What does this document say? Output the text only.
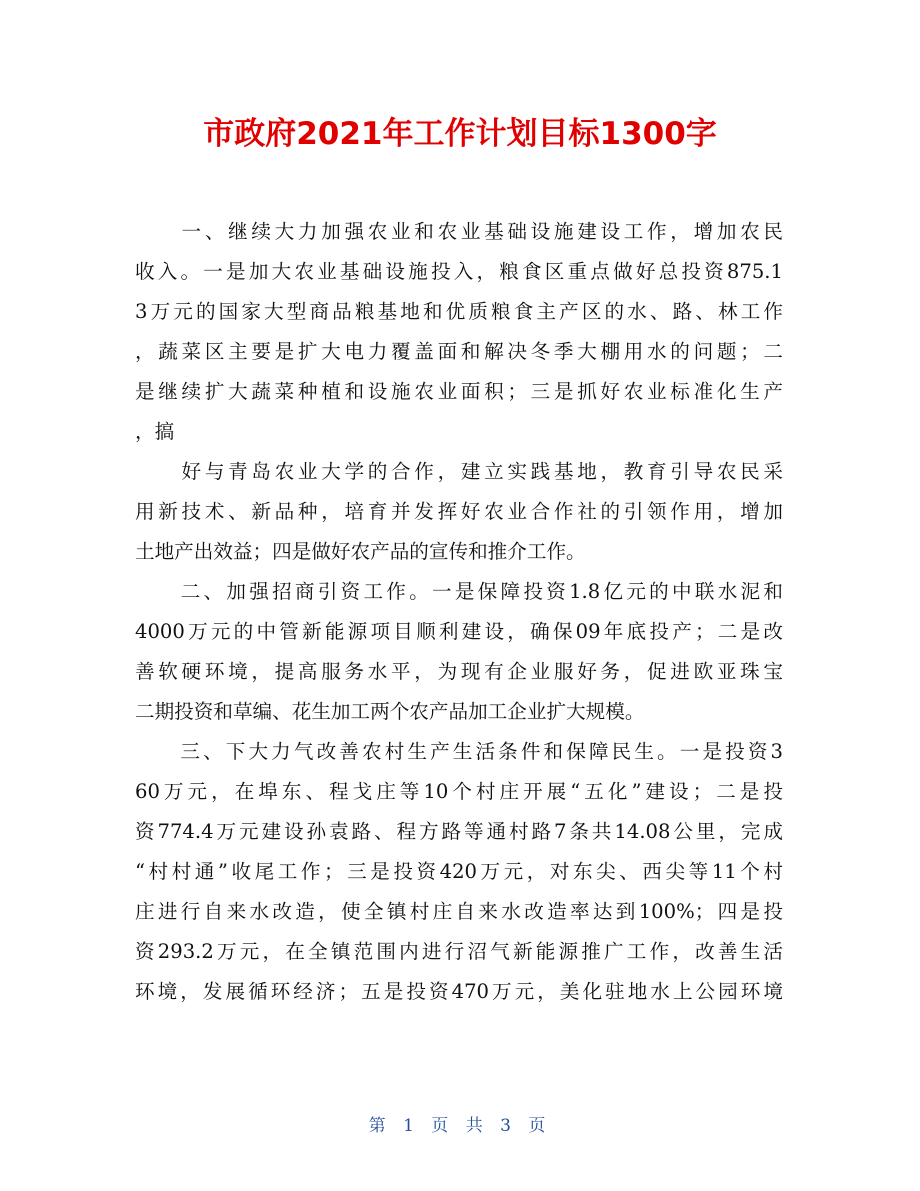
市政府2021年工作计划目标1300字
　　一、继续大力加强农业和农业基础设施建设工作，增加农民
收入。一是加大农业基础设施投入，粮食区重点做好总投资875.1
3万元的国家大型商品粮基地和优质粮食主产区的水、路、林工作
，蔬菜区主要是扩大电力覆盖面和解决冬季大棚用水的问题；二
是继续扩大蔬菜种植和设施农业面积；三是抓好农业标准化生产
，搞
　　好与青岛农业大学的合作，建立实践基地，教育引导农民采
用新技术、新品种，培育并发挥好农业合作社的引领作用，增加
土地产出效益；四是做好农产品的宣传和推介工作。
　　二、加强招商引资工作。一是保障投资1.8亿元的中联水泥和
4000万元的中管新能源项目顺利建设，确保09年底投产；二是改
善软硬环境，提高服务水平，为现有企业服好务，促进欧亚珠宝
二期投资和草编、花生加工两个农产品加工企业扩大规模。
　　三、下大力气改善农村生产生活条件和保障民生。一是投资3
60万元，在埠东、程戈庄等10个村庄开展“五化”建设；二是投
资774.4万元建设孙袁路、程方路等通村路7条共14.08公里，完成
“村村通”收尾工作；三是投资420万元，对东尖、西尖等11个村
庄进行自来水改造，使全镇村庄自来水改造率达到100%；四是投
资293.2万元，在全镇范围内进行沼气新能源推广工作，改善生活
环境，发展循环经济；五是投资470万元，美化驻地水上公园环境
第 1 页 共 3 页
